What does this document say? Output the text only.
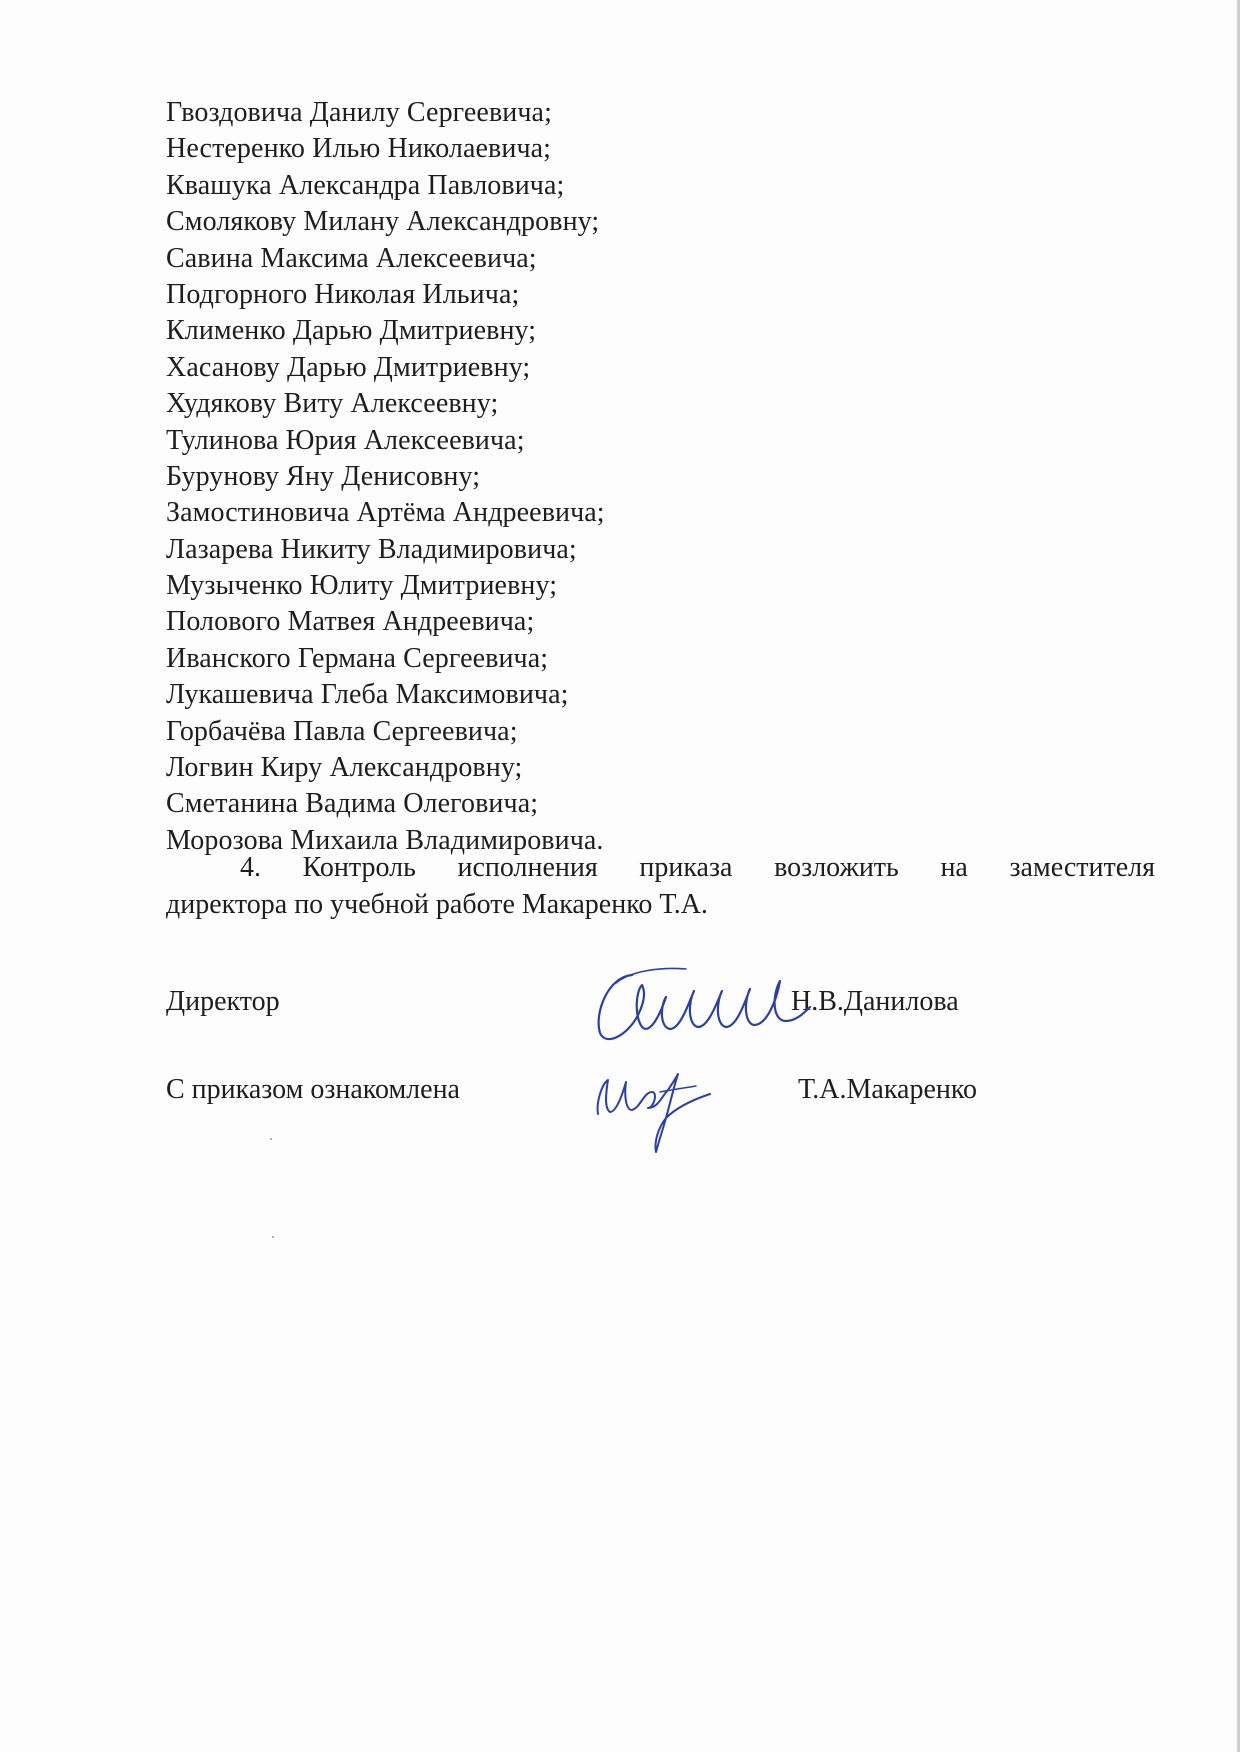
Гвоздовича Данилу Сергеевича;
Нестеренко Илью Николаевича;
Квашука Александра Павловича;
Смолякову Милану Александровну;
Савина Максима Алексеевича;
Подгорного Николая Ильича;
Клименко Дарью Дмитриевну;
Хасанову Дарью Дмитриевну;
Худякову Виту Алексеевну;
Тулинова Юрия Алексеевича;
Бурунову Яну Денисовну;
Замостиновича Артёма Андреевича;
Лазарева Никиту Владимировича;
Музыченко Юлиту Дмитриевну;
Полового Матвея Андреевича;
Иванского Германа Сергеевича;
Лукашевича Глеба Максимовича;
Горбачёва Павла Сергеевича;
Логвин Киру Александровну;
Сметанина Вадима Олеговича;
Морозова Михаила Владимировича.

4. Контроль исполнения приказа возложить на заместителя
директора по учебной работе Макаренко Т.А.

Директор	Н.В.Данилова
С приказом ознакомлена	Т.А.Макаренко
